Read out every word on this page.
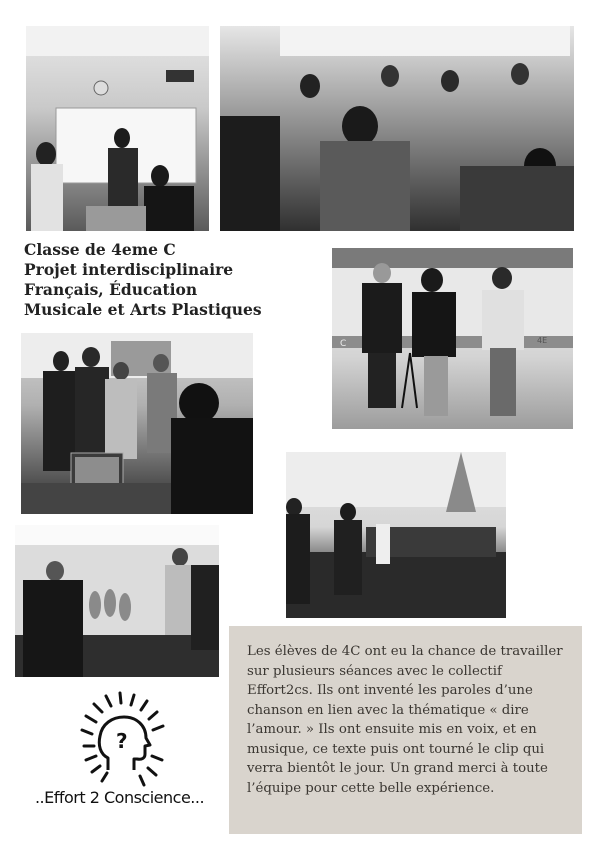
Classe de 4eme C
Projet interdisciplinaire
Français, Éducation
Musicale et Arts Plastiques
C	4E
?
..Effort 2 Conscience...

Les élèves de 4C ont eu la chance de travailler sur plusieurs séances avec le collectif Effort2cs. Ils ont inventé les paroles d’une chanson en lien avec la thématique « dire l’amour. » Ils ont ensuite mis en voix, et en musique, ce texte puis ont tourné le clip qui verra bientôt le jour. Un grand merci à toute l’équipe pour cette belle expérience.
